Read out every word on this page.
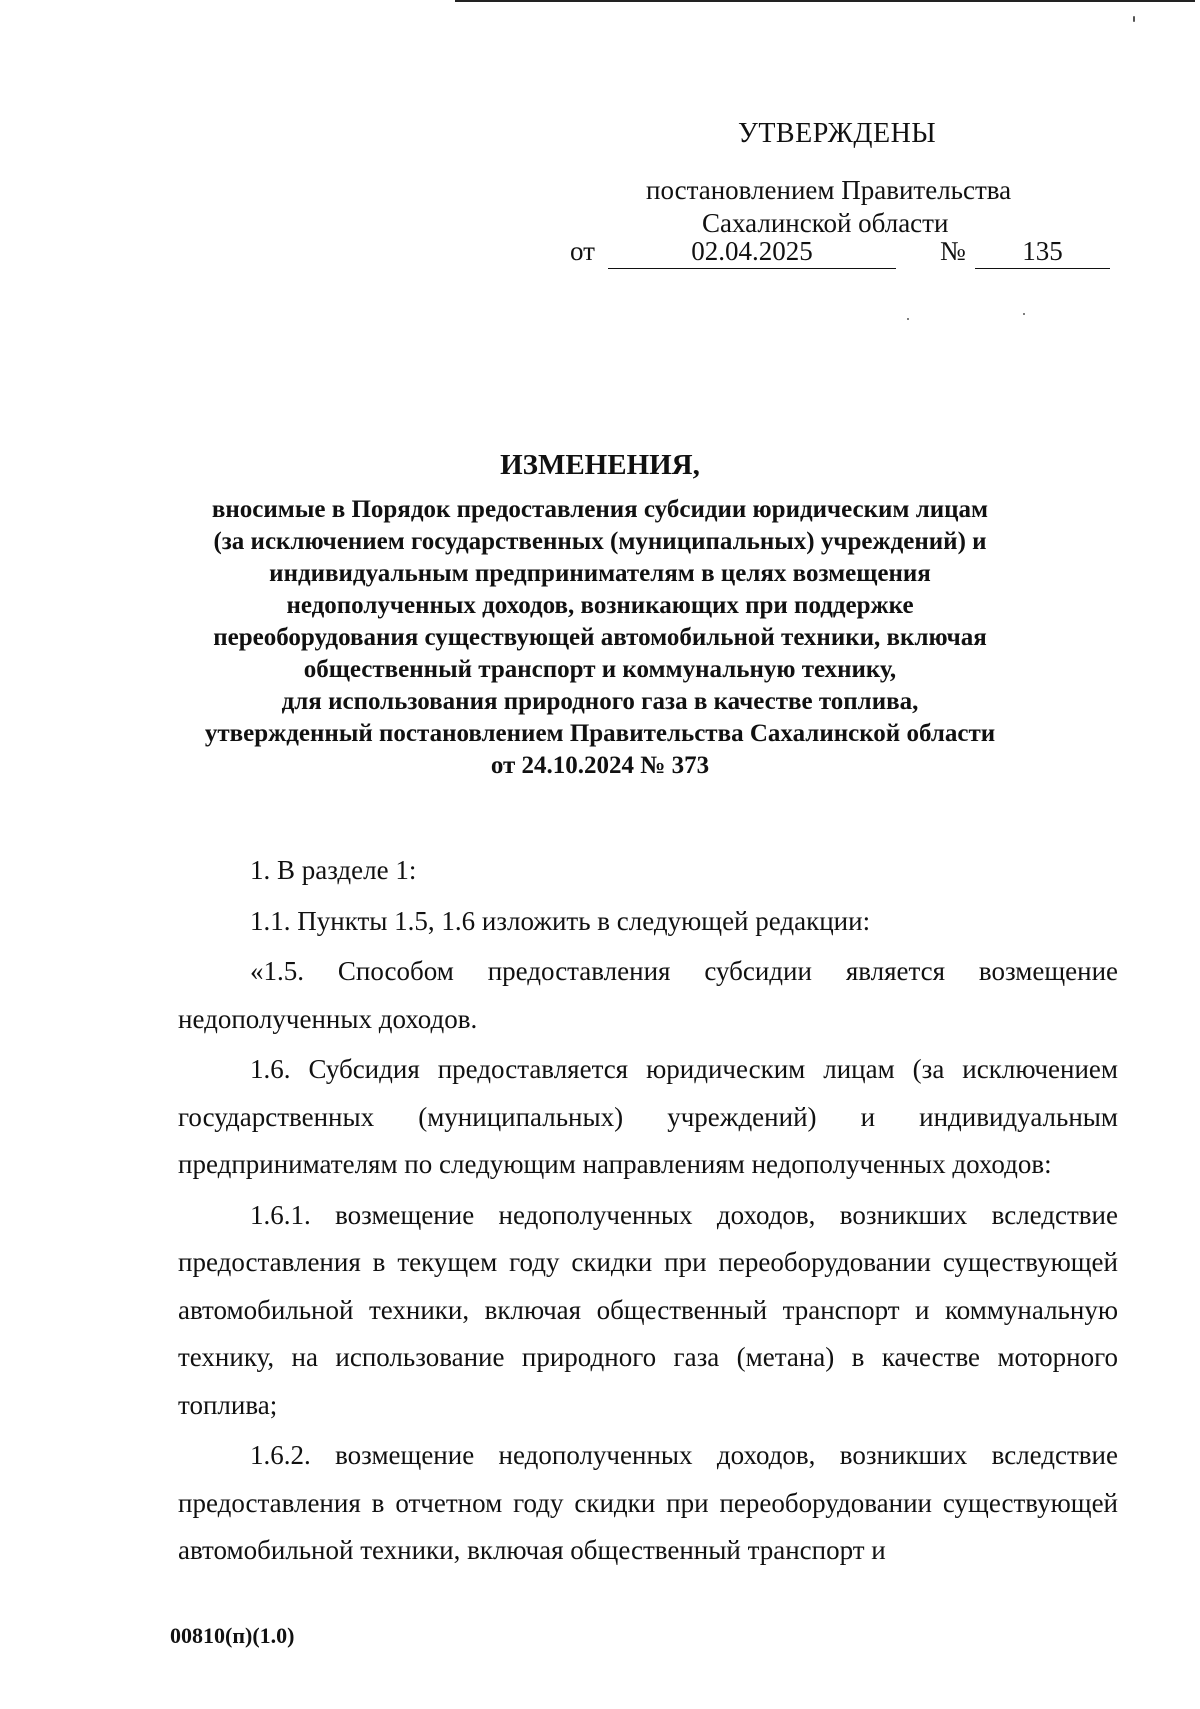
УТВЕРЖДЕНЫ
постановлением Правительства
Сахалинской области
от	02.04.2025	№	135
ИЗМЕНЕНИЯ,
вносимые в Порядок предоставления субсидии юридическим лицам
(за исключением государственных (муниципальных) учреждений) и
индивидуальным предпринимателям в целях возмещения
недополученных доходов, возникающих при поддержке
переоборудования существующей автомобильной техники, включая
общественный транспорт и коммунальную технику,
для использования природного газа в качестве топлива,
утвержденный постановлением Правительства Сахалинской области
от 24.10.2024 № 373

1. В разделе 1:

1.1. Пункты 1.5, 1.6 изложить в следующей редакции:

«1.5. Способом предоставления субсидии является возмещение недополученных доходов.

1.6. Субсидия предоставляется юридическим лицам (за исключением государственных (муниципальных) учреждений) и индивидуальным предпринимателям по следующим направлениям недополученных доходов:

1.6.1. возмещение недополученных доходов, возникших вследствие предоставления в текущем году скидки при переоборудовании существующей автомобильной техники, включая общественный транспорт и коммунальную технику, на использование природного газа (метана) в качестве моторного топлива;

1.6.2. возмещение недополученных доходов, возникших вследствие предоставления в отчетном году скидки при переоборудовании существующей автомобильной техники, включая общественный транспорт и

00810(п)(1.0)
